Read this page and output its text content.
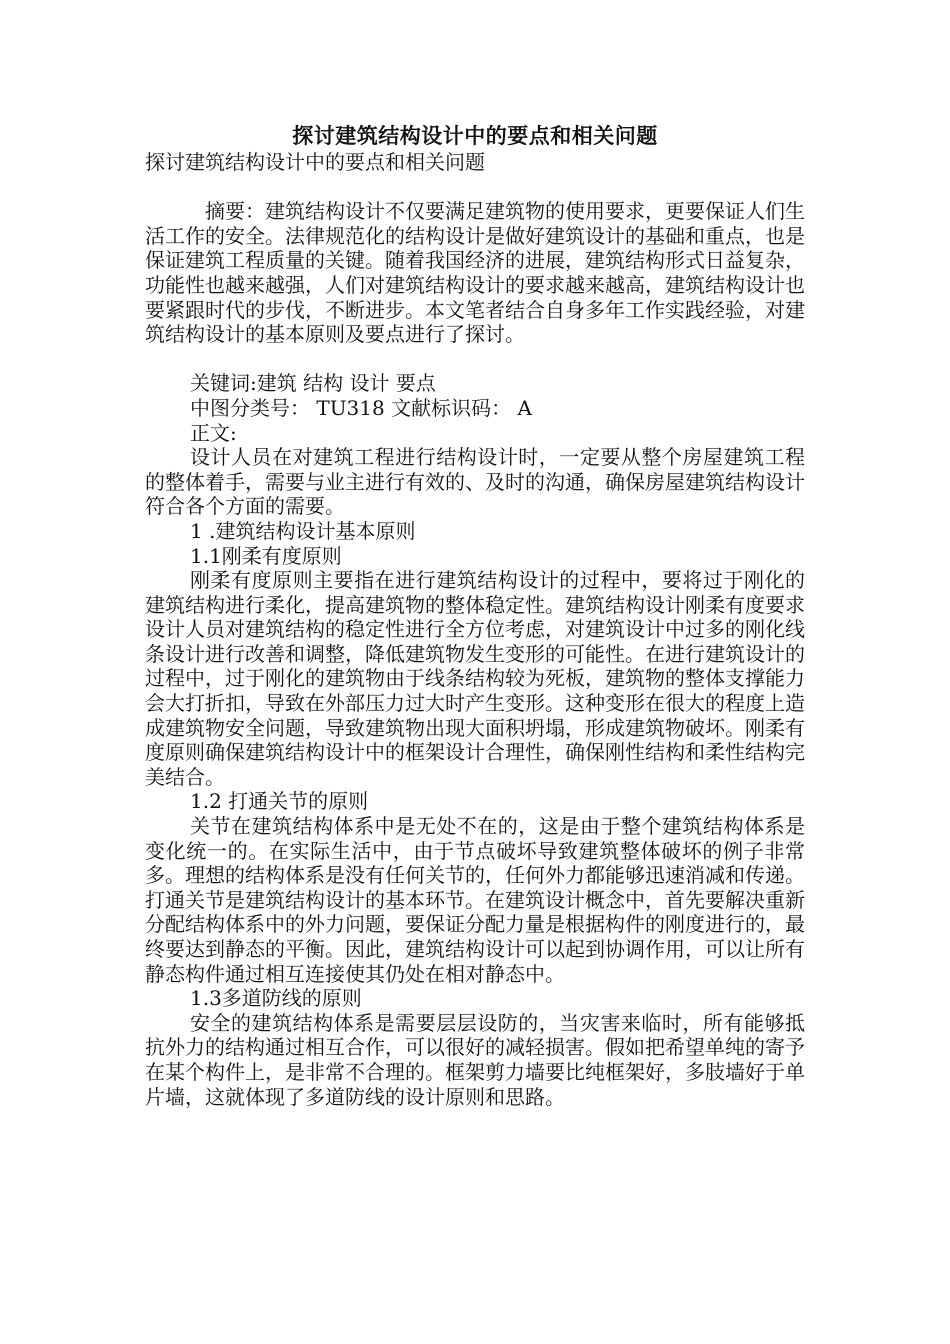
探讨建筑结构设计中的要点和相关问题

探讨建筑结构设计中的要点和相关问题

摘要：建筑结构设计不仅要满足建筑物的使用要求，更要保证人们生活工作的安全。法律规范化的结构设计是做好建筑设计的基础和重点，也是保证建筑工程质量的关键。随着我国经济的进展，建筑结构形式日益复杂，功能性也越来越强，人们对建筑结构设计的要求越来越高，建筑结构设计也要紧跟时代的步伐，不断进步。本文笔者结合自身多年工作实践经验，对建筑结构设计的基本原则及要点进行了探讨。

关键词:建筑 结构 设计 要点

中图分类号： TU318 文献标识码： A

正文:

设计人员在对建筑工程进行结构设计时，一定要从整个房屋建筑工程的整体着手，需要与业主进行有效的、及时的沟通，确保房屋建筑结构设计符合各个方面的需要。

1 .建筑结构设计基本原则

1.1刚柔有度原则

刚柔有度原则主要指在进行建筑结构设计的过程中，要将过于刚化的建筑结构进行柔化，提高建筑物的整体稳定性。建筑结构设计刚柔有度要求设计人员对建筑结构的稳定性进行全方位考虑，对建筑设计中过多的刚化线条设计进行改善和调整，降低建筑物发生变形的可能性。在进行建筑设计的过程中，过于刚化的建筑物由于线条结构较为死板，建筑物的整体支撑能力会大打折扣，导致在外部压力过大时产生变形。这种变形在很大的程度上造成建筑物安全问题，导致建筑物出现大面积坍塌，形成建筑物破坏。刚柔有度原则确保建筑结构设计中的框架设计合理性，确保刚性结构和柔性结构完美结合。

1.2 打通关节的原则

关节在建筑结构体系中是无处不在的，这是由于整个建筑结构体系是变化统一的。在实际生活中，由于节点破坏导致建筑整体破坏的例子非常多。理想的结构体系是没有任何关节的，任何外力都能够迅速消减和传递。打通关节是建筑结构设计的基本环节。在建筑设计概念中，首先要解决重新分配结构体系中的外力问题，要保证分配力量是根据构件的刚度进行的，最终要达到静态的平衡。因此，建筑结构设计可以起到协调作用，可以让所有静态构件通过相互连接使其仍处在相对静态中。

1.3多道防线的原则

安全的建筑结构体系是需要层层设防的，当灾害来临时，所有能够抵抗外力的结构通过相互合作，可以很好的减轻损害。假如把希望单纯的寄予在某个构件上，是非常不合理的。框架剪力墙要比纯框架好，多肢墙好于单片墙，这就体现了多道防线的设计原则和思路。
